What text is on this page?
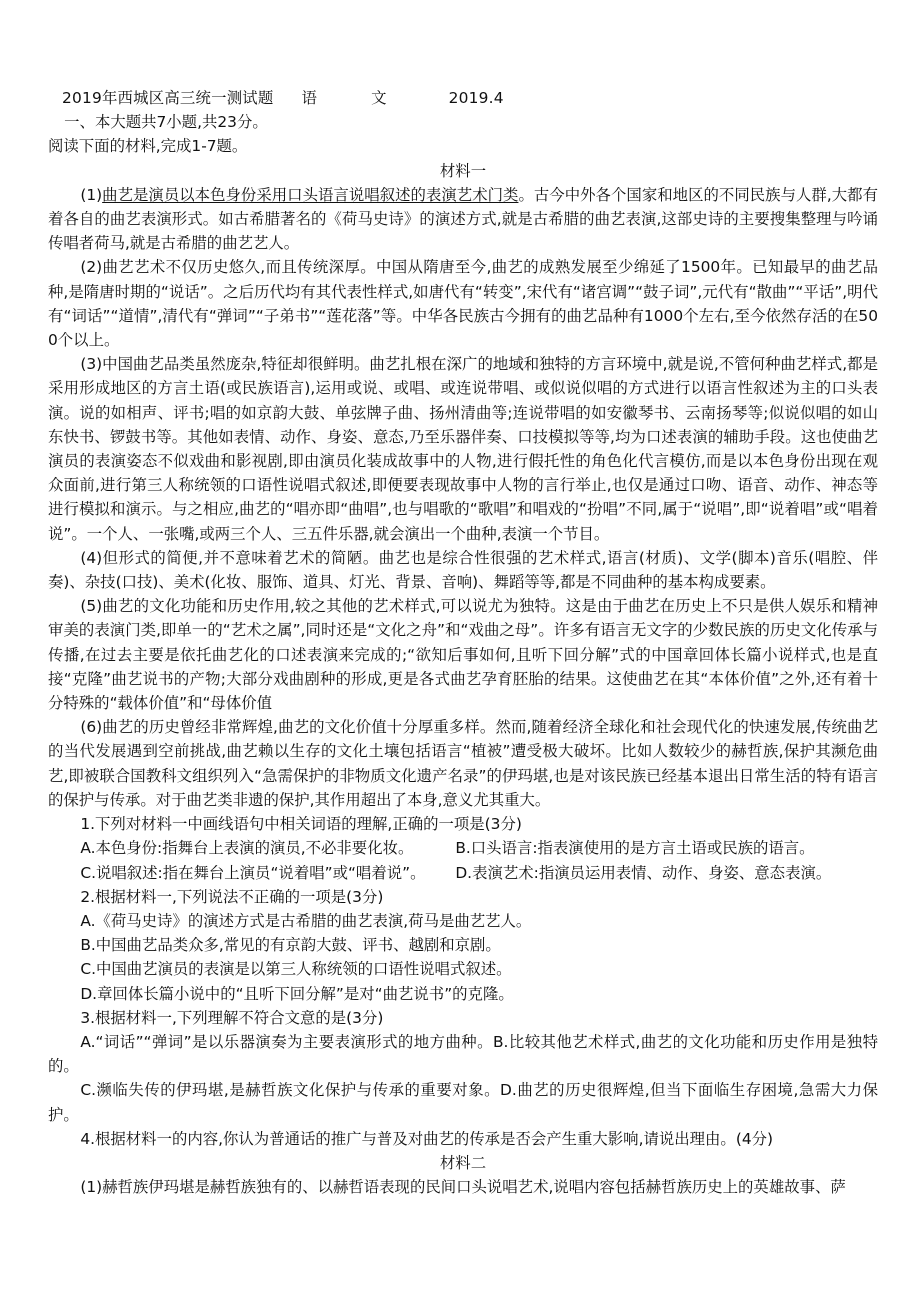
2019年西城区高三统一测试题 语	文	2019.4

一、本大题共7小题,共23分。

阅读下面的材料,完成1-7题。

材料一

(1)曲艺是演员以本色身份采用口头语言说唱叙述的表演艺术门类。古今中外各个国家和地区的不同民族与人群,大都有着各自的曲艺表演形式。如古希腊著名的《荷马史诗》的演述方式,就是古希腊的曲艺表演,这部史诗的主要搜集整理与吟诵传唱者荷马,就是古希腊的曲艺艺人。

(2)曲艺艺术不仅历史悠久,而且传统深厚。中国从隋唐至今,曲艺的成熟发展至少绵延了1500年。已知最早的曲艺品种,是隋唐时期的“说话”。之后历代均有其代表性样式,如唐代有“转变”,宋代有“诸宫调”“鼓子词”,元代有“散曲”“平话”,明代有“词话”“道情”,清代有“弹词”“子弟书”“莲花落”等。中华各民族古今拥有的曲艺品种有1000个左右,至今依然存活的在500个以上。

(3)中国曲艺品类虽然庞杂,特征却很鲜明。曲艺扎根在深广的地域和独特的方言环境中,就是说,不管何种曲艺样式,都是采用形成地区的方言土语(或民族语言),运用或说、或唱、或连说带唱、或似说似唱的方式进行以语言性叙述为主的口头表演。说的如相声、评书;唱的如京韵大鼓、单弦牌子曲、扬州清曲等;连说带唱的如安徽琴书、云南扬琴等;似说似唱的如山东快书、锣鼓书等。其他如表情、动作、身姿、意态,乃至乐器伴奏、口技模拟等等,均为口述表演的辅助手段。这也使曲艺演员的表演姿态不似戏曲和影视剧,即由演员化装成故事中的人物,进行假托性的角色化代言模仿,而是以本色身份出现在观众面前,进行第三人称统领的口语性说唱式叙述,即便要表现故事中人物的言行举止,也仅是通过口吻、语音、动作、神态等进行模拟和演示。与之相应,曲艺的“唱亦即“曲唱”,也与唱歌的“歌唱”和唱戏的“扮唱”不同,属于“说唱”,即“说着唱”或“唱着说”。一个人、一张嘴,或两三个人、三五件乐器,就会演出一个曲种,表演一个节目。

(4)但形式的简便,并不意味着艺术的简陋。曲艺也是综合性很强的艺术样式,语言(材质)、文学(脚本)音乐(唱腔、伴奏)、杂技(口技)、美术(化妆、服饰、道具、灯光、背景、音响)、舞蹈等等,都是不同曲种的基本构成要素。

(5)曲艺的文化功能和历史作用,较之其他的艺术样式,可以说尤为独特。这是由于曲艺在历史上不只是供人娱乐和精神审美的表演门类,即单一的“艺术之属”,同时还是“文化之舟”和“戏曲之母”。许多有语言无文字的少数民族的历史文化传承与传播,在过去主要是依托曲艺化的口述表演来完成的;“欲知后事如何,且听下回分解”式的中国章回体长篇小说样式,也是直接“克隆”曲艺说书的产物;大部分戏曲剧种的形成,更是各式曲艺孕育胚胎的结果。这使曲艺在其“本体价值”之外,还有着十分特殊的“载体价值”和“母体价值

(6)曲艺的历史曾经非常辉煌,曲艺的文化价值十分厚重多样。然而,随着经济全球化和社会现代化的快速发展,传统曲艺的当代发展遇到空前挑战,曲艺赖以生存的文化土壤包括语言“植被”遭受极大破坏。比如人数较少的赫哲族,保护其濒危曲艺,即被联合国教科文组织列入“急需保护的非物质文化遗产名录”的伊玛堪,也是对该民族已经基本退出日常生活的特有语言的保护与传承。对于曲艺类非遗的保护,其作用超出了本身,意义尤其重大。

1.下列对材料一中画线语句中相关词语的理解,正确的一项是(3分)

A.本色身份:指舞台上表演的演员,不必非要化妆。	B.口头语言:指表演使用的是方言土语或民族的语言。
C.说唱叙述:指在舞台上演员“说着唱”或“唱着说”。	D.表演艺术:指演员运用表情、动作、身姿、意态表演。

2.根据材料一,下列说法不正确的一项是(3分)

A.《荷马史诗》的演述方式是古希腊的曲艺表演,荷马是曲艺艺人。

B.中国曲艺品类众多,常见的有京韵大鼓、评书、越剧和京剧。

C.中国曲艺演员的表演是以第三人称统领的口语性说唱式叙述。

D.章回体长篇小说中的“且听下回分解”是对“曲艺说书”的克隆。

3.根据材料一,下列理解不符合文意的是(3分)

A.“词话”“弹词”是以乐器演奏为主要表演形式的地方曲种。B.比较其他艺术样式,曲艺的文化功能和历史作用是独特的。

C.濒临失传的伊玛堪,是赫哲族文化保护与传承的重要对象。D.曲艺的历史很辉煌,但当下面临生存困境,急需大力保护。

4.根据材料一的内容,你认为普通话的推广与普及对曲艺的传承是否会产生重大影响,请说出理由。(4分)

材料二

(1)赫哲族伊玛堪是赫哲族独有的、以赫哲语表现的民间口头说唱艺术,说唱内容包括赫哲族历史上的英雄故事、萨
